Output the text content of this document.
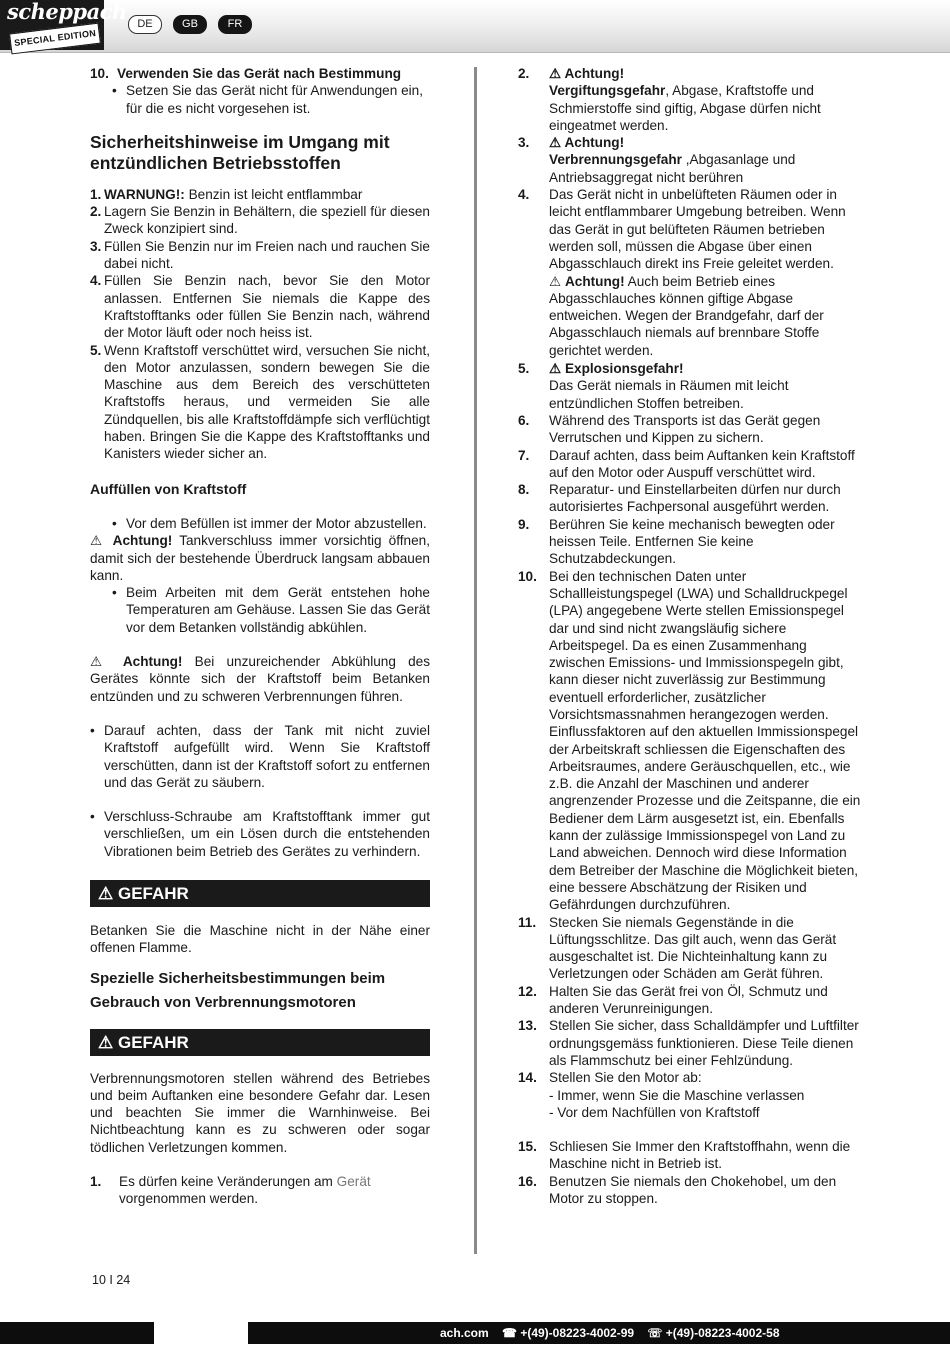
scheppach
SPECIAL EDITION
DE	GB	FR
10. Verwenden Sie das Gerät nach Bestimmung
• Setzen Sie das Gerät nicht für Anwendungen ein, für die es nicht vorgesehen ist.
Sicherheitshinweise im Umgang mit entzündlichen Betriebsstoffen
1. WARNUNG!: Benzin ist leicht entflammbar
2. Lagern Sie Benzin in Behältern, die speziell für diesen Zweck konzipiert sind.
3. Füllen Sie Benzin nur im Freien nach und rauchen Sie dabei nicht.
4. Füllen Sie Benzin nach, bevor Sie den Motor anlassen. Entfernen Sie niemals die Kappe des Kraftstofftanks oder füllen Sie Benzin nach, während der Motor läuft oder noch heiss ist.
5. Wenn Kraftstoff verschüttet wird, versuchen Sie nicht, den Motor anzulassen, sondern bewegen Sie die Maschine aus dem Bereich des verschütteten Kraftstoffs heraus, und vermeiden Sie alle Zündquellen, bis alle Kraftstoffdämpfe sich verflüchtigt haben. Bringen Sie die Kappe des Kraftstofftanks und Kanisters wieder sicher an.
Auffüllen von Kraftstoff
• Vor dem Befüllen ist immer der Motor abzustellen.
⚠ Achtung! Tankverschluss immer vorsichtig öffnen, damit sich der bestehende Überdruck langsam abbauen kann.
• Beim Arbeiten mit dem Gerät entstehen hohe Temperaturen am Gehäuse. Lassen Sie das Gerät vor dem Betanken vollständig abkühlen.
⚠ Achtung! Bei unzureichender Abkühlung des Gerätes könnte sich der Kraftstoff beim Betanken entzünden und zu schweren Verbrennungen führen.
• Darauf achten, dass der Tank mit nicht zuviel Kraftstoff aufgefüllt wird. Wenn Sie Kraftstoff verschütten, dann ist der Kraftstoff sofort zu entfernen und das Gerät zu säubern.
• Verschluss-Schraube am Kraftstofftank immer gut verschließen, um ein Lösen durch die entstehenden Vibrationen beim Betrieb des Gerätes zu verhindern.
⚠ GEFAHR
Betanken Sie die Maschine nicht in der Nähe einer offenen Flamme.
Spezielle Sicherheitsbestimmungen beim Gebrauch von Verbrennungsmotoren
⚠ GEFAHR
Verbrennungsmotoren stellen während des Betriebes und beim Auftanken eine besondere Gefahr dar. Lesen und beachten Sie immer die Warnhinweise. Bei Nichtbeachtung kann es zu schweren oder sogar tödlichen Verletzungen kommen.
1.	Es dürfen keine Veränderungen am Gerät vorgenommen werden.
2.	⚠ Achtung!
Vergiftungsgefahr, Abgase, Kraftstoffe und Schmierstoffe sind giftig, Abgase dürfen nicht eingeatmet werden.
3.	⚠ Achtung!
Verbrennungsgefahr ,Abgasanlage und Antriebsaggregat nicht berühren
4.	Das Gerät nicht in unbelüfteten Räumen oder in leicht entflammbarer Umgebung betreiben. Wenn das Gerät in gut belüfteten Räumen betrieben werden soll, müssen die Abgase über einen Abgasschlauch direkt ins Freie geleitet werden.
⚠ Achtung! Auch beim Betrieb eines Abgasschlauches können giftige Abgase entweichen. Wegen der Brandgefahr, darf der Abgasschlauch niemals auf brennbare Stoffe gerichtet werden.
5.	⚠ Explosionsgefahr!
Das Gerät niemals in Räumen mit leicht entzündlichen Stoffen betreiben.
6.	Während des Transports ist das Gerät gegen Verrutschen und Kippen zu sichern.
7.	Darauf achten, dass beim Auftanken kein Kraftstoff auf den Motor oder Auspuff verschüttet wird.
8.	Reparatur- und Einstellarbeiten dürfen nur durch autorisiertes Fachpersonal ausgeführt werden.
9.	Berühren Sie keine mechanisch bewegten oder heissen Teile. Entfernen Sie keine Schutzabdeckungen.
10. Bei den technischen Daten unter Schallleistungspegel (LWA) und Schalldruckpegel (LPA) angegebene Werte stellen Emissionspegel dar und sind nicht zwangsläufig sichere Arbeitspegel. Da es einen Zusammenhang zwischen Emissions- und Immissionspegeln gibt, kann dieser nicht zuverlässig zur Bestimmung eventuell erforderlicher, zusätzlicher Vorsichtsmassnahmen herangezogen werden. Einflussfaktoren auf den aktuellen Immissionspegel der Arbeitskraft schliessen die Eigenschaften des Arbeitsraumes, andere Geräuschquellen, etc., wie z.B. die Anzahl der Maschinen und anderer angrenzender Prozesse und die Zeitspanne, die ein Bediener dem Lärm ausgesetzt ist, ein. Ebenfalls kann der zulässige Immissionspegel von Land zu Land abweichen. Dennoch wird diese Information dem Betreiber der Maschine die Möglichkeit bieten, eine bessere Abschätzung der Risiken und Gefährdungen durchzuführen.
11. Stecken Sie niemals Gegenstände in die Lüftungsschlitze. Das gilt auch, wenn das Gerät ausgeschaltet ist. Die Nichteinhaltung kann zu Verletzungen oder Schäden am Gerät führen.
12. Halten Sie das Gerät frei von Öl, Schmutz und anderen Verunreinigungen.
13. Stellen Sie sicher, dass Schalldämpfer und Luftfilter ordnungsgemäss funktionieren. Diese Teile dienen als Flammschutz bei einer Fehlzündung.
14. Stellen Sie den Motor ab:
- Immer, wenn Sie die Maschine verlassen
- Vor dem Nachfüllen von Kraftstoff
15. Schliesen Sie Immer den Kraftstoffhahn, wenn die Maschine nicht in Betrieb ist.
16. Benutzen Sie niemals den Chokehobel, um den Motor zu stoppen.
10 I 24
ach.com ☎ +(49)-08223-4002-99 ☏ +(49)-08223-4002-58
